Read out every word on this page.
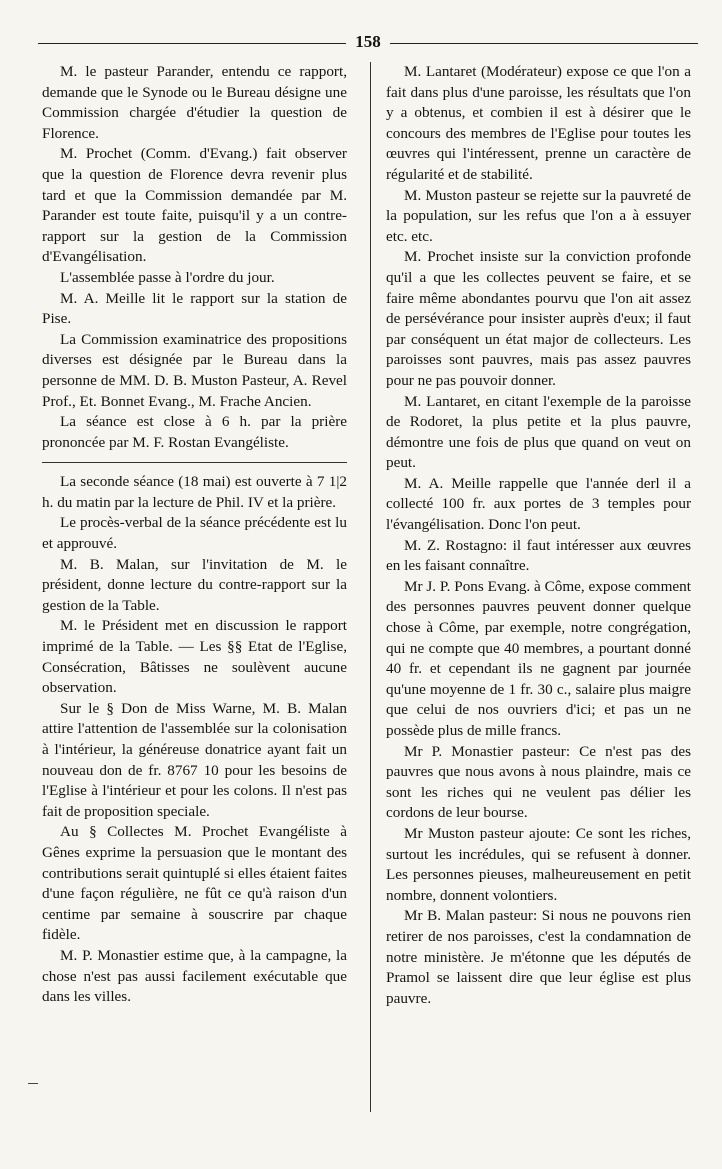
158

M. le pasteur Parander, entendu ce rapport, demande que le Synode ou le Bureau désigne une Commission chargée d'étudier la question de Florence.

M. Prochet (Comm. d'Evang.) fait observer que la question de Florence devra revenir plus tard et que la Commission demandée par M. Parander est toute faite, puisqu'il y a un contre-rapport sur la gestion de la Commission d'Evangélisation.

L'assemblée passe à l'ordre du jour.

M. A. Meille lit le rapport sur la station de Pise.

La Commission examinatrice des propositions diverses est désignée par le Bureau dans la personne de MM. D. B. Muston Pasteur, A. Revel Prof., Et. Bonnet Evang., M. Frache Ancien.

La séance est close à 6 h. par la prière prononcée par M. F. Rostan Evangéliste.

La seconde séance (18 mai) est ouverte à 7 1|2 h. du matin par la lecture de Phil. IV et la prière.

Le procès-verbal de la séance précédente est lu et approuvé.

M. B. Malan, sur l'invitation de M. le président, donne lecture du contre-rapport sur la gestion de la Table.

M. le Président met en discussion le rapport imprimé de la Table. — Les §§ Etat de l'Eglise, Consécration, Bâtisses ne soulèvent aucune observation.

Sur le § Don de Miss Warne, M. B. Malan attire l'attention de l'assemblée sur la colonisation à l'intérieur, la généreuse donatrice ayant fait un nouveau don de fr. 8767 10 pour les besoins de l'Eglise à l'intérieur et pour les colons. Il n'est pas fait de proposition speciale.

Au § Collectes M. Prochet Evangéliste à Gênes exprime la persuasion que le montant des contributions serait quintuplé si elles étaient faites d'une façon régulière, ne fût ce qu'à raison d'un centime par semaine à souscrire par chaque fidèle.

M. P. Monastier estime que, à la campagne, la chose n'est pas aussi facilement exécutable que dans les villes.

M. Lantaret (Modérateur) expose ce que l'on a fait dans plus d'une paroisse, les résultats que l'on y a obtenus, et combien il est à désirer que le concours des membres de l'Eglise pour toutes les œuvres qui l'intéressent, prenne un caractère de régularité et de stabilité.

M. Muston pasteur se rejette sur la pauvreté de la population, sur les refus que l'on a à essuyer etc. etc.

M. Prochet insiste sur la conviction profonde qu'il a que les collectes peuvent se faire, et se faire même abondantes pourvu que l'on ait assez de persévérance pour insister auprès d'eux; il faut par conséquent un état major de collecteurs. Les paroisses sont pauvres, mais pas assez pauvres pour ne pas pouvoir donner.

M. Lantaret, en citant l'exemple de la paroisse de Rodoret, la plus petite et la plus pauvre, démontre une fois de plus que quand on veut on peut.

M. A. Meille rappelle que l'année derl il a collecté 100 fr. aux portes de 3 temples pour l'évangélisation. Donc l'on peut.

M. Z. Rostagno: il faut intéresser aux œuvres en les faisant connaître.

Mr J. P. Pons Evang. à Côme, expose comment des personnes pauvres peuvent donner quelque chose à Côme, par exemple, notre congrégation, qui ne compte que 40 membres, a pourtant donné 40 fr. et cependant ils ne gagnent par journée qu'une moyenne de 1 fr. 30 c., salaire plus maigre que celui de nos ouvriers d'ici; et pas un ne possède plus de mille francs.

Mr P. Monastier pasteur: Ce n'est pas des pauvres que nous avons à nous plaindre, mais ce sont les riches qui ne veulent pas délier les cordons de leur bourse.

Mr Muston pasteur ajoute: Ce sont les riches, surtout les incrédules, qui se refusent à donner. Les personnes pieuses, malheureusement en petit nombre, donnent volontiers.

Mr B. Malan pasteur: Si nous ne pouvons rien retirer de nos paroisses, c'est la condamnation de notre ministère. Je m'étonne que les députés de Pramol se laissent dire que leur église est plus pauvre.
